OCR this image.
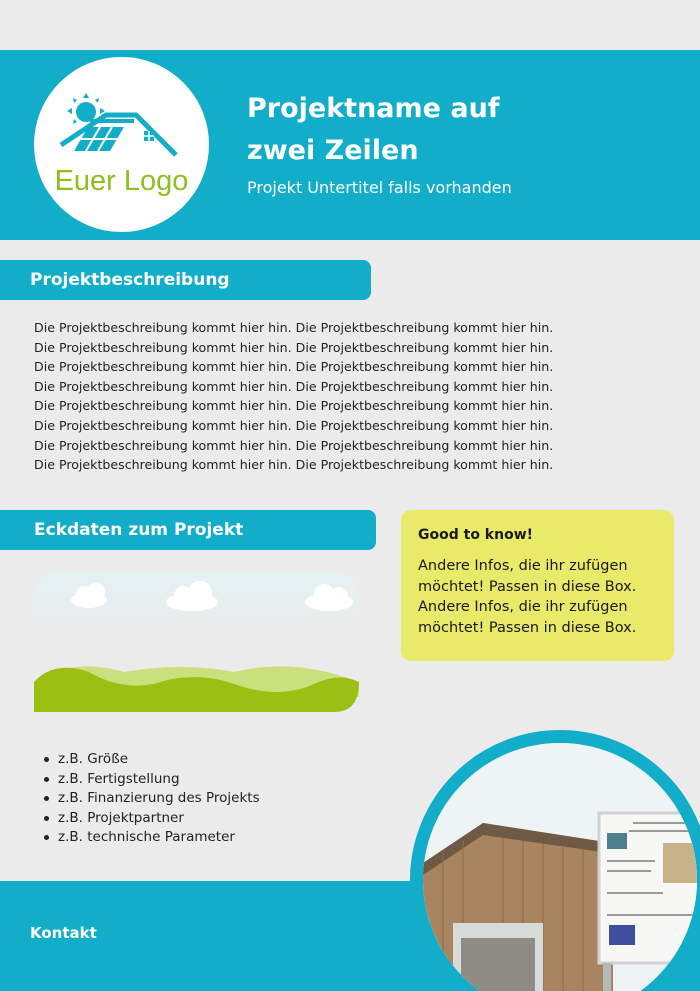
Euer Logo
Projektname auf
zwei Zeilen
Projekt Untertitel falls vorhanden
Projektbeschreibung

Die Projektbeschreibung kommt hier hin. Die Projektbeschreibung kommt hier hin.

Die Projektbeschreibung kommt hier hin. Die Projektbeschreibung kommt hier hin.

Die Projektbeschreibung kommt hier hin. Die Projektbeschreibung kommt hier hin.

Die Projektbeschreibung kommt hier hin. Die Projektbeschreibung kommt hier hin.

Die Projektbeschreibung kommt hier hin. Die Projektbeschreibung kommt hier hin.

Die Projektbeschreibung kommt hier hin. Die Projektbeschreibung kommt hier hin.

Die Projektbeschreibung kommt hier hin. Die Projektbeschreibung kommt hier hin.

Die Projektbeschreibung kommt hier hin. Die Projektbeschreibung kommt hier hin.

Eckdaten zum Projekt
z.B. Größe
z.B. Fertigstellung
z.B. Finanzierung des Projekts
z.B. Projektpartner
z.B. technische Parameter
Good to know!
Andere Infos, die ihr zufügen
möchtet! Passen in diese Box.
Andere Infos, die ihr zufügen
möchtet! Passen in diese Box.
Kontakt
